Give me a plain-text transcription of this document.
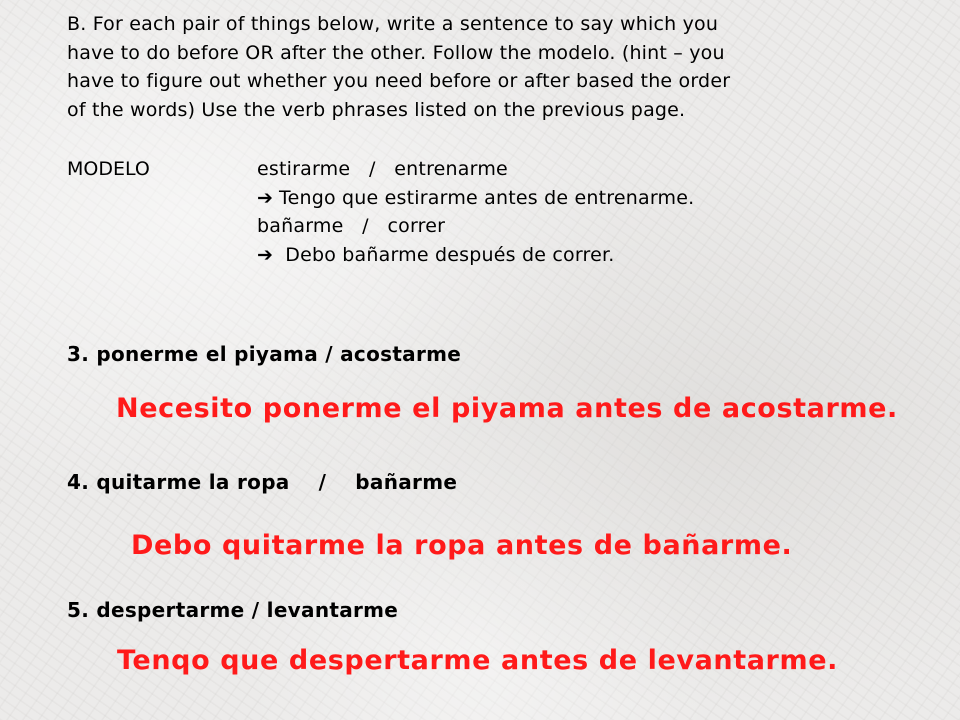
B. For each pair of things below, write a sentence to say which you

have to do before OR after the other. Follow the modelo. (hint – you

have to figure out whether you need before or after based the order

of the words) Use the verb phrases listed on the previous page.

MODELO	estirarme   /   entrenarme
➔ Tengo que estirarme antes de entrenarme.
bañarme   /   correr
➔ Debo bañarme después de correr.
3. ponerme el piyama / acostarme
Necesito ponerme el piyama antes de acostarme.
4. quitarme la ropa    /    bañarme
Debo quitarme la ropa antes de bañarme.
5. despertarme / levantarme
Tenqo que despertarme antes de levantarme.
